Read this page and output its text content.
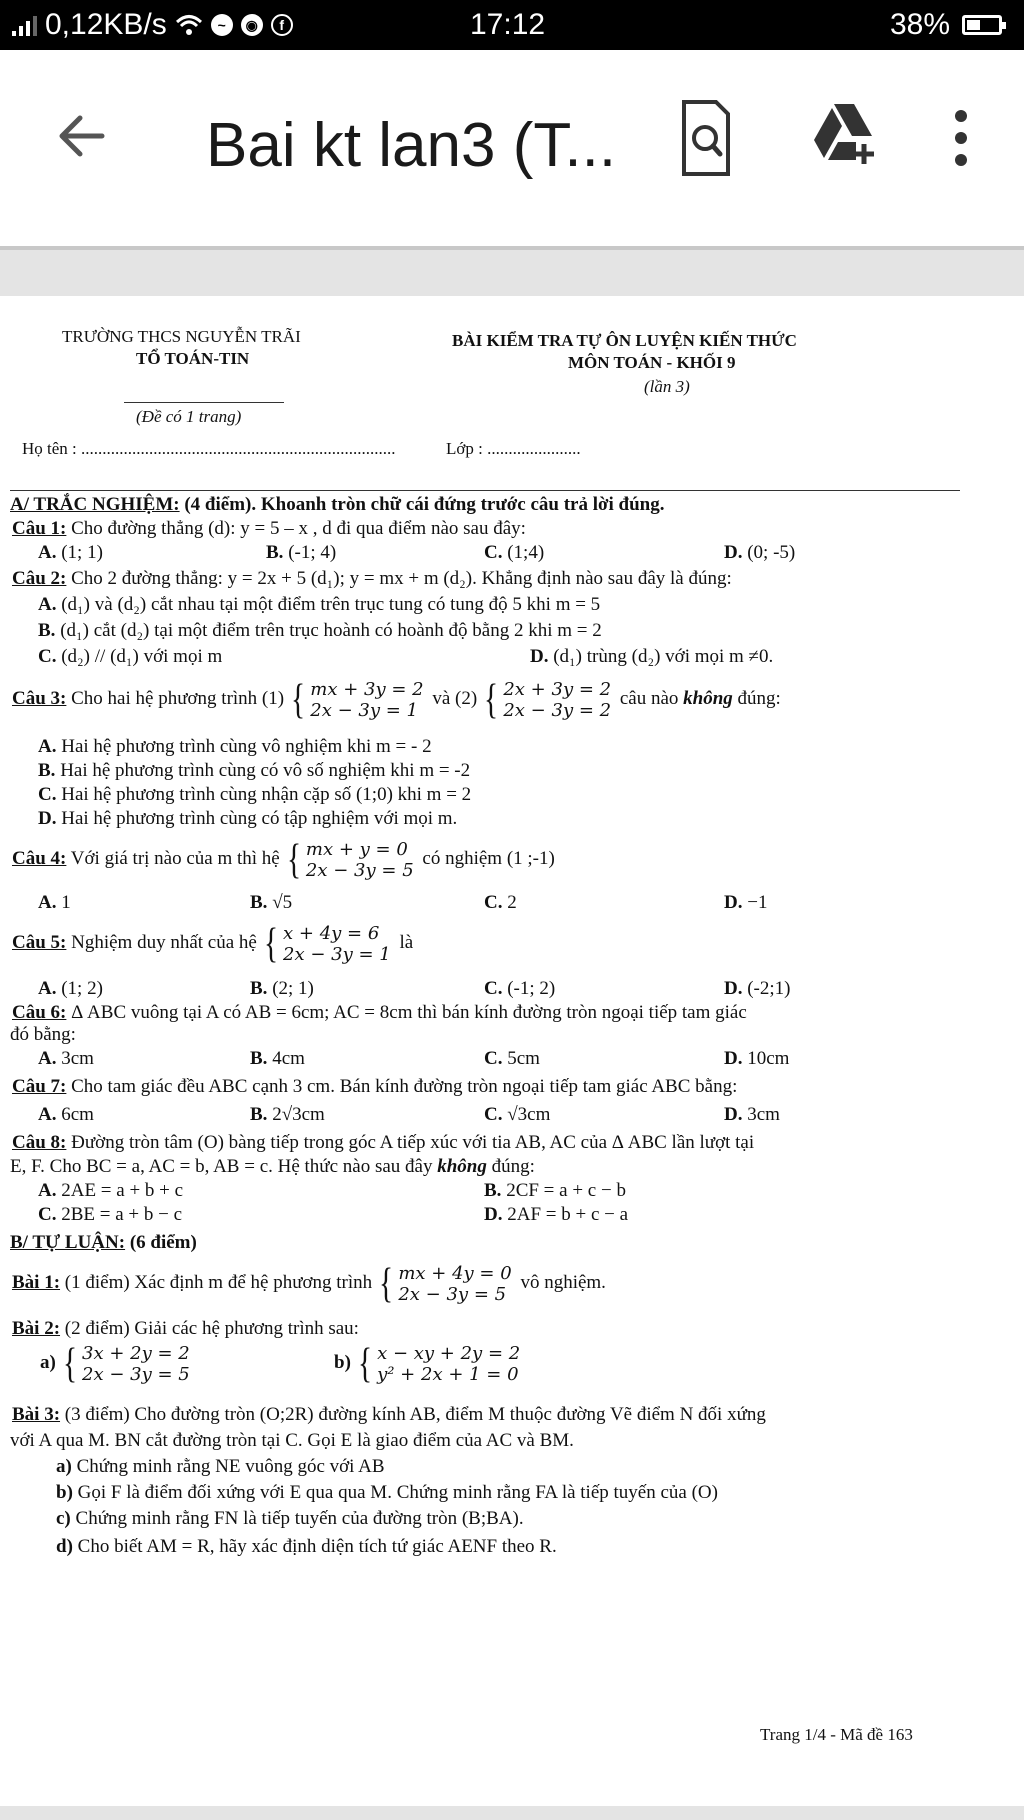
0,12KB/s	~	◉	f	17:12	38%
Bai kt lan3 (T...
TRƯỜNG THCS NGUYỄN TRÃI
TỔ TOÁN-TIN
(Đề có 1 trang)
BÀI KIỂM TRA TỰ ÔN LUYỆN KIẾN THỨC
MÔN TOÁN - KHỐI 9
(lần 3)
Họ tên : ..........................................................................	Lớp : ......................
A/ TRẮC NGHIỆM: (4 điểm). Khoanh tròn chữ cái đứng trước câu trả lời đúng.
Câu 1: Cho đường thẳng (d): y = 5 – x , d đi qua điểm nào sau đây:
A. (1; 1)	B. (-1; 4)	C. (1;4)	D. (0; -5)
Câu 2: Cho 2 đường thẳng: y = 2x + 5 (d₁); y = mx + m (d₂). Khẳng định nào sau đây là đúng:
A. (d₁) và (d₂) cắt nhau tại một điểm trên trục tung có tung độ 5 khi m = 5
B. (d₁) cắt (d₂) tại một điểm trên trục hoành có hoành độ bằng 2 khi m = 2
C. (d₂) // (d₁) với mọi m	D. (d₁) trùng (d₂) với mọi m ≠0.
Câu 3: Cho hai hệ phương trình (1) { mx + 3y = 2
2x − 3y = 1
và (2) { 2x + 3y = 2
2x − 3y = 2
câu nào không đúng:
A. Hai hệ phương trình cùng vô nghiệm khi m = - 2
B. Hai hệ phương trình cùng có vô số nghiệm khi m = -2
C. Hai hệ phương trình cùng nhận cặp số (1;0) khi m = 2
D. Hai hệ phương trình cùng có tập nghiệm với mọi m.
Câu 4: Với giá trị nào của m thì hệ { mx + y = 0
2x − 3y = 5
có nghiệm (1 ;-1)
A. 1	B. √5	C. 2	D. −1
Câu 5: Nghiệm duy nhất của hệ { x + 4y = 6
2x − 3y = 1
là
A. (1; 2)	B. (2; 1)	C. (-1; 2)	D. (-2;1)
Câu 6: Δ ABC vuông tại A có AB = 6cm; AC = 8cm thì bán kính đường tròn ngoại tiếp tam giác
đó bằng:
A. 3cm	B. 4cm	C. 5cm	D. 10cm
Câu 7: Cho tam giác đều ABC cạnh 3 cm. Bán kính đường tròn ngoại tiếp tam giác ABC bằng:
A. 6cm	B. 2√3cm	C. √3cm	D. 3cm
Câu 8: Đường tròn tâm (O) bàng tiếp trong góc A tiếp xúc với tia AB, AC của Δ ABC lần lượt tại
E, F. Cho BC = a, AC = b, AB = c. Hệ thức nào sau đây không đúng:
A. 2AE = a + b + c	B. 2CF = a + c − b
C. 2BE = a + b − c	D. 2AF = b + c − a
B/ TỰ LUẬN: (6 điểm)
Bài 1: (1 điểm) Xác định m để hệ phương trình { mx + 4y = 0
2x − 3y = 5
vô nghiệm.
Bài 2: (2 điểm) Giải các hệ phương trình sau:
a) { 3x + 2y = 2
2x − 3y = 5
b) { x − xy + 2y = 2
y² + 2x + 1 = 0
Bài 3: (3 điểm) Cho đường tròn (O;2R) đường kính AB, điểm M thuộc đường Vẽ điểm N đối xứng
với A qua M. BN cắt đường tròn tại C. Gọi E là giao điểm của AC và BM.
a) Chứng minh rằng NE vuông góc với AB
b) Gọi F là điểm đối xứng với E qua qua M. Chứng minh rằng FA là tiếp tuyến của (O)
c) Chứng minh rằng FN là tiếp tuyến của đường tròn (B;BA).
d) Cho biết AM = R, hãy xác định diện tích tứ giác AENF theo R.
Trang 1/4 - Mã đề 163
